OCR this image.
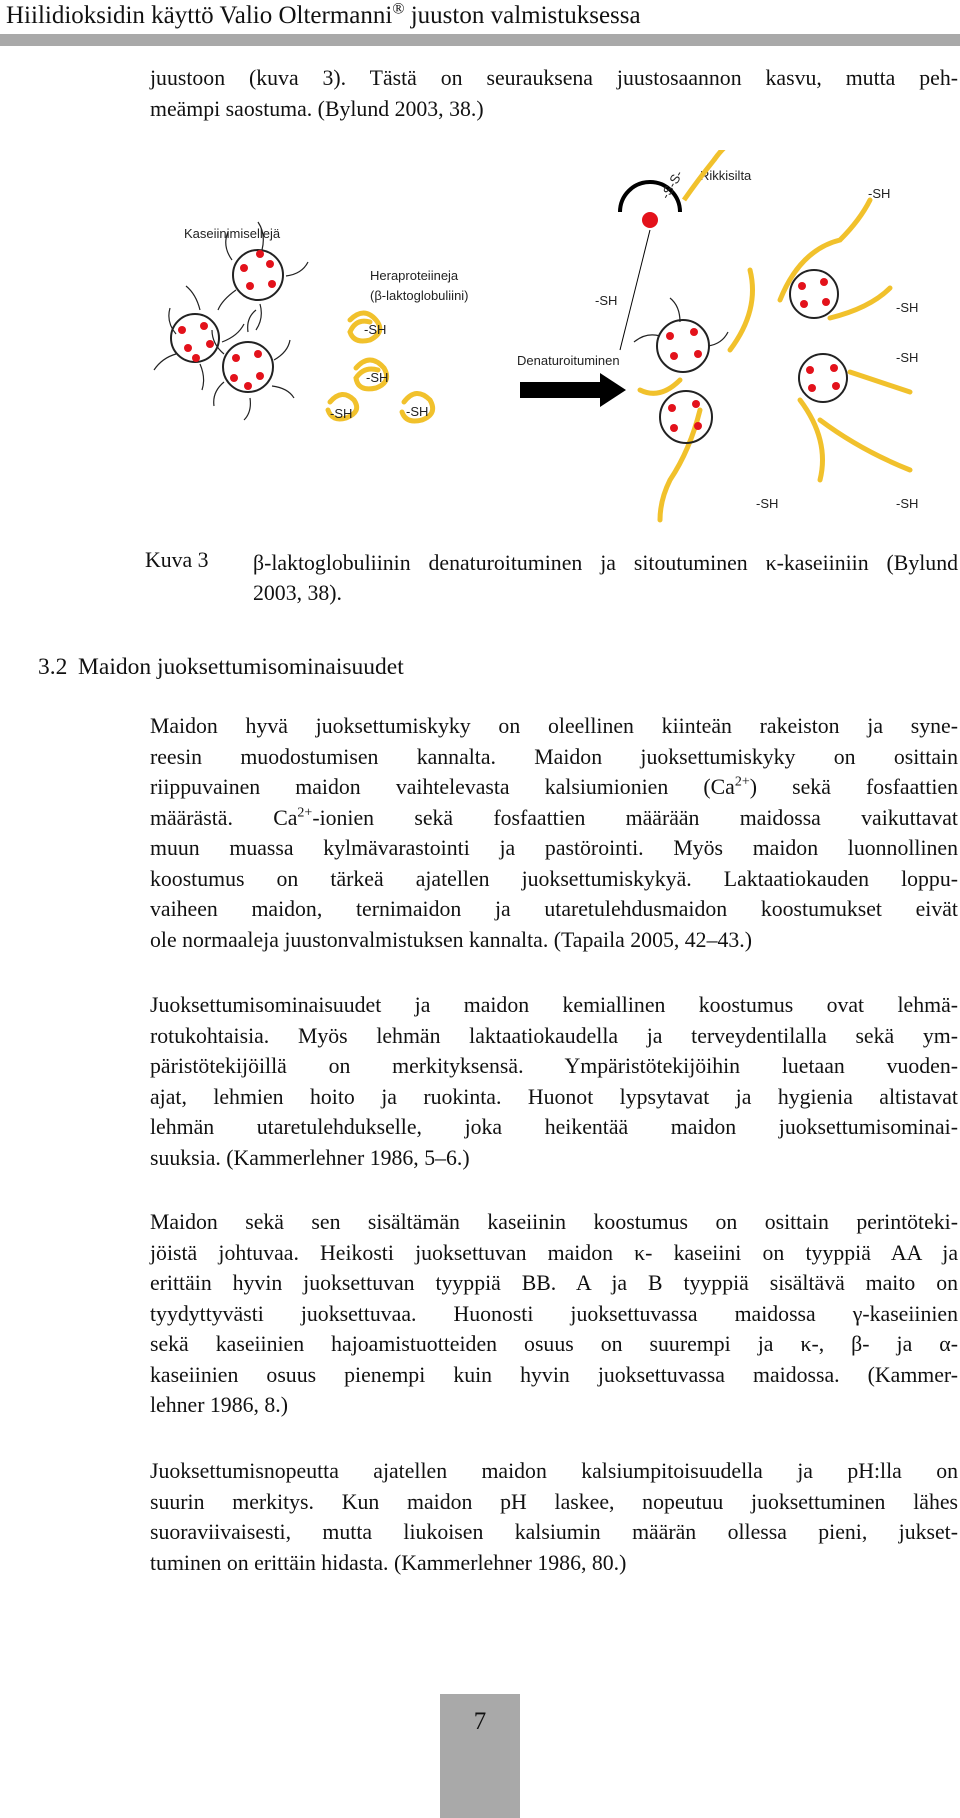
Hiilidioksidin käyttö Valio Oltermanni® juuston valmistuksessa
juustoon (kuva 3). Tästä on seurauksena juustosaannon kasvu, mutta peh-
meämpi saostuma. (Bylund 2003, 38.)
Kaseiinimisellejä
Heraproteiineja
(β-laktoglobuliini)
Denaturoituminen
Rikkisilta
-SH
-SH
-SH	-SH
-SH
-S-S-	-SH
-SH
-SH
-SH	-SH
Kuva 3 β-laktoglobuliinin denaturoituminen ja sitoutuminen κ-kaseiiniin (Bylund
2003, 38).
3.2 Maidon juoksettumisominaisuudet
Maidon hyvä juoksettumiskyky on oleellinen kiinteän rakeiston ja syne-
reesin muodostumisen kannalta. Maidon juoksettumiskyky on osittain
riippuvainen maidon vaihtelevasta kalsiumionien $(Ca^{2+})$ sekä fosfaattien
määrästä. $Ca^{2+}$-ionien sekä fosfaattien määrään maidossa vaikuttavat
muun muassa kylmävarastointi ja pastörointi. Myös maidon luonnollinen
koostumus on tärkeä ajatellen juoksettumiskykyä. Laktaatiokauden loppu-
vaiheen maidon, ternimaidon ja utaretulehdusmaidon koostumukset eivät
ole normaaleja juustonvalmistuksen kannalta. (Tapaila 2005, 42–43.)
Juoksettumisominaisuudet ja maidon kemiallinen koostumus ovat lehmä-
rotukohtaisia. Myös lehmän laktaatiokaudella ja terveydentilalla sekä ym-
päristötekijöillä on merkityksensä. Ympäristötekijöihin luetaan vuoden-
ajat, lehmien hoito ja ruokinta. Huonot lypsytavat ja hygienia altistavat
lehmän utaretulehdukselle, joka heikentää maidon juoksettumisominai-
suuksia. (Kammerlehner 1986, 5–6.)
Maidon sekä sen sisältämän kaseiinin koostumus on osittain perintöteki-
jöistä johtuvaa. Heikosti juoksettuvan maidon κ- kaseiini on tyyppiä AA ja
erittäin hyvin juoksettuvan tyyppiä BB. A ja B tyyppiä sisältävä maito on
tyydyttyvästi juoksettuvaa. Huonosti juoksettuvassa maidossa γ-kaseiinien
sekä kaseiinien hajoamistuotteiden osuus on suurempi ja κ-, β- ja α-
kaseiinien osuus pienempi kuin hyvin juoksettuvassa maidossa. (Kammer-
lehner 1986, 8.)
Juoksettumisnopeutta ajatellen maidon kalsiumpitoisuudella ja pH:lla on
suurin merkitys. Kun maidon pH laskee, nopeutuu juoksettuminen lähes
suoraviivaisesti, mutta liukoisen kalsiumin määrän ollessa pieni, jukset-
tuminen on erittäin hidasta. (Kammerlehner 1986, 80.)
7
